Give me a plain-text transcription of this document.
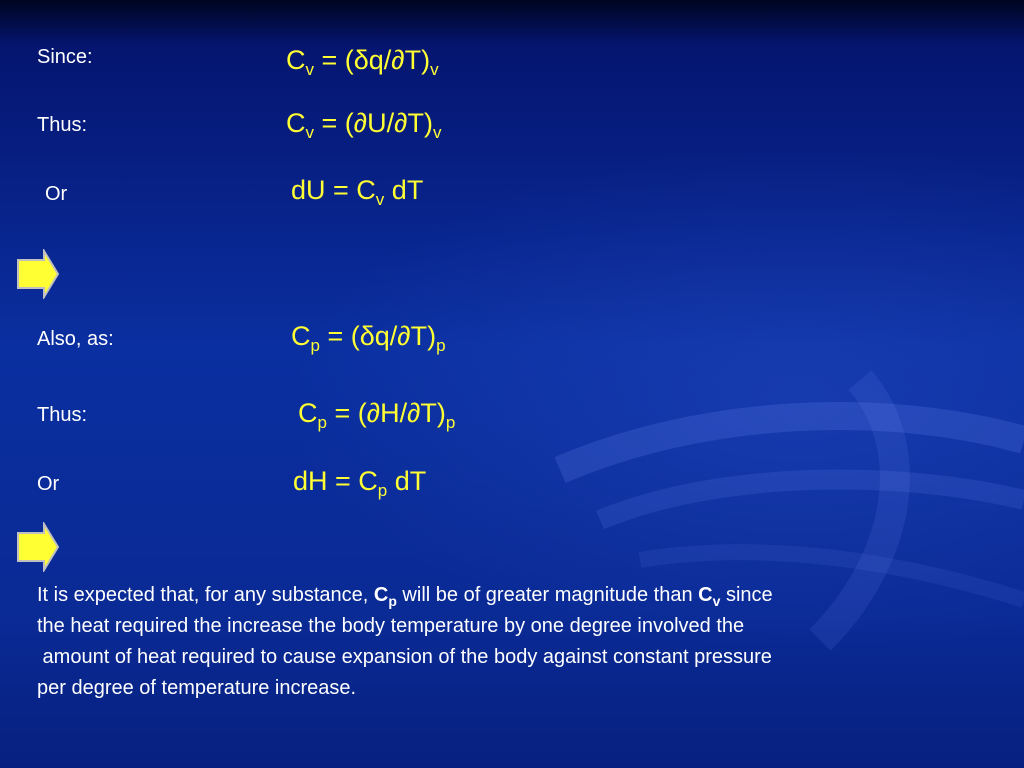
Since:
Thus:
Or
Also, as:
Thus:
Or
$C_v = (\delta q/\partial T)_v$
$C_v = (\partial U/\partial T)_v$
dU = $C_v$ dT
$C_p = (\delta q/\partial T)_p$
$C_p = (\partial H/\partial T)_p$
dH = $C_p$ dT
It is expected that, for any substance, $C_p$ will be of greater magnitude than $C_v$ since
the heat required the increase the body temperature by one degree involved the
amount of heat required to cause expansion of the body against constant pressure
per degree of temperature increase.
